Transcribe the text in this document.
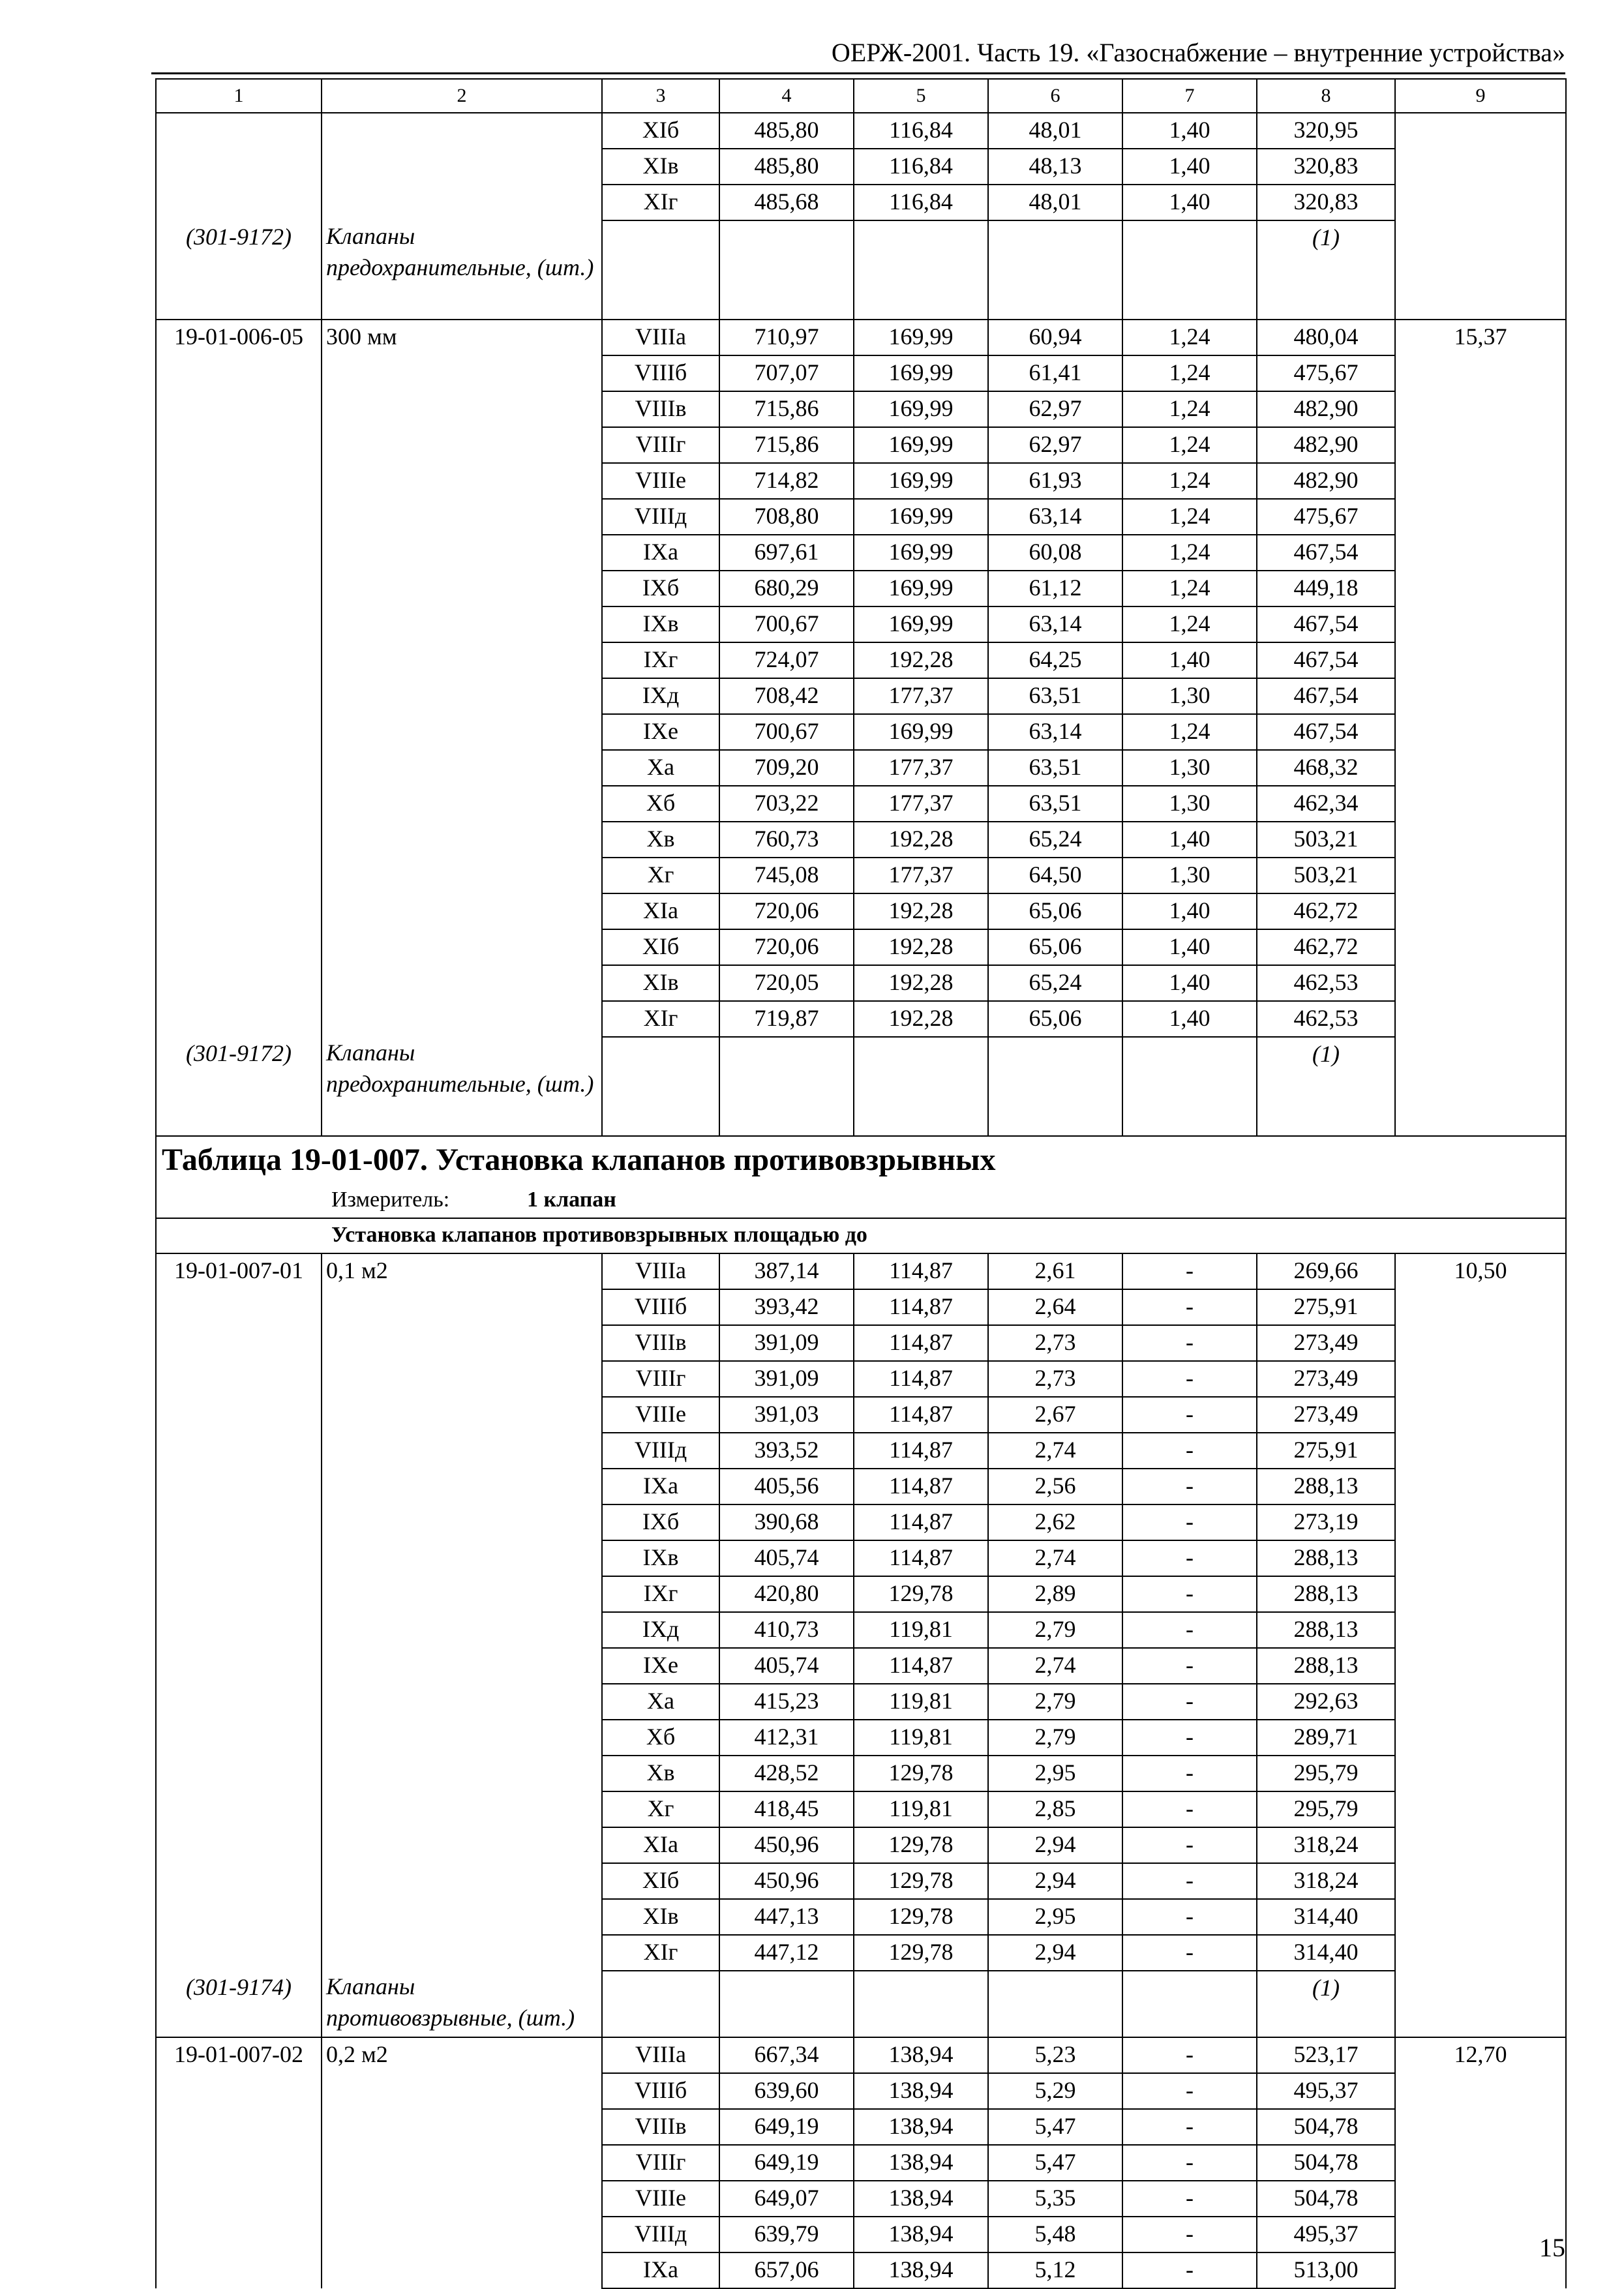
ОЕРЖ-2001. Часть 19. «Газоснабжение – внутренние устройства»
1	2	3	4	5	6	7	8	9
		XIб	485,80	116,84	48,01	1,40	320,95	
		XIв	485,80	116,84	48,13	1,40	320,83	
		XIг	485,68	116,84	48,01	1,40	320,83	
(301-9172)	Клапаны предохранительные, (шт.)						(1)	
19-01-006-05	300 мм	VIIIа	710,97	169,99	60,94	1,24	480,04	15,37
		VIIIб	707,07	169,99	61,41	1,24	475,67	
		VIIIв	715,86	169,99	62,97	1,24	482,90	
		VIIIг	715,86	169,99	62,97	1,24	482,90	
		VIIIе	714,82	169,99	61,93	1,24	482,90	
		VIIIд	708,80	169,99	63,14	1,24	475,67	
		IXа	697,61	169,99	60,08	1,24	467,54	
		IXб	680,29	169,99	61,12	1,24	449,18	
		IXв	700,67	169,99	63,14	1,24	467,54	
		IXг	724,07	192,28	64,25	1,40	467,54	
		IXд	708,42	177,37	63,51	1,30	467,54	
		IXе	700,67	169,99	63,14	1,24	467,54	
		Xа	709,20	177,37	63,51	1,30	468,32	
		Xб	703,22	177,37	63,51	1,30	462,34	
		Xв	760,73	192,28	65,24	1,40	503,21	
		Xг	745,08	177,37	64,50	1,30	503,21	
		XIа	720,06	192,28	65,06	1,40	462,72	
		XIб	720,06	192,28	65,06	1,40	462,72	
		XIв	720,05	192,28	65,24	1,40	462,53	
		XIг	719,87	192,28	65,06	1,40	462,53	
(301-9172)	Клапаны предохранительные, (шт.)						(1)	
Таблица 19-01-007. Установка клапанов противовзрывных								
Измеритель: 1 клапан								
Установка клапанов противовзрывных площадью до								
19-01-007-01	0,1 м2	VIIIа	387,14	114,87	2,61	-	269,66	10,50
		VIIIб	393,42	114,87	2,64	-	275,91	
		VIIIв	391,09	114,87	2,73	-	273,49	
		VIIIг	391,09	114,87	2,73	-	273,49	
		VIIIе	391,03	114,87	2,67	-	273,49	
		VIIIд	393,52	114,87	2,74	-	275,91	
		IXа	405,56	114,87	2,56	-	288,13	
		IXб	390,68	114,87	2,62	-	273,19	
		IXв	405,74	114,87	2,74	-	288,13	
		IXг	420,80	129,78	2,89	-	288,13	
		IXд	410,73	119,81	2,79	-	288,13	
		IXе	405,74	114,87	2,74	-	288,13	
		Xа	415,23	119,81	2,79	-	292,63	
		Xб	412,31	119,81	2,79	-	289,71	
		Xв	428,52	129,78	2,95	-	295,79	
		Xг	418,45	119,81	2,85	-	295,79	
		XIа	450,96	129,78	2,94	-	318,24	
		XIб	450,96	129,78	2,94	-	318,24	
		XIв	447,13	129,78	2,95	-	314,40	
		XIг	447,12	129,78	2,94	-	314,40	
(301-9174)	Клапаны противовзрывные, (шт.)						(1)	
19-01-007-02	0,2 м2	VIIIа	667,34	138,94	5,23	-	523,17	12,70
		VIIIб	639,60	138,94	5,29	-	495,37	
		VIIIв	649,19	138,94	5,47	-	504,78	
		VIIIг	649,19	138,94	5,47	-	504,78	
		VIIIе	649,07	138,94	5,35	-	504,78	
		VIIIд	639,79	138,94	5,48	-	495,37	
		IXа	657,06	138,94	5,12	-	513,00	
15
